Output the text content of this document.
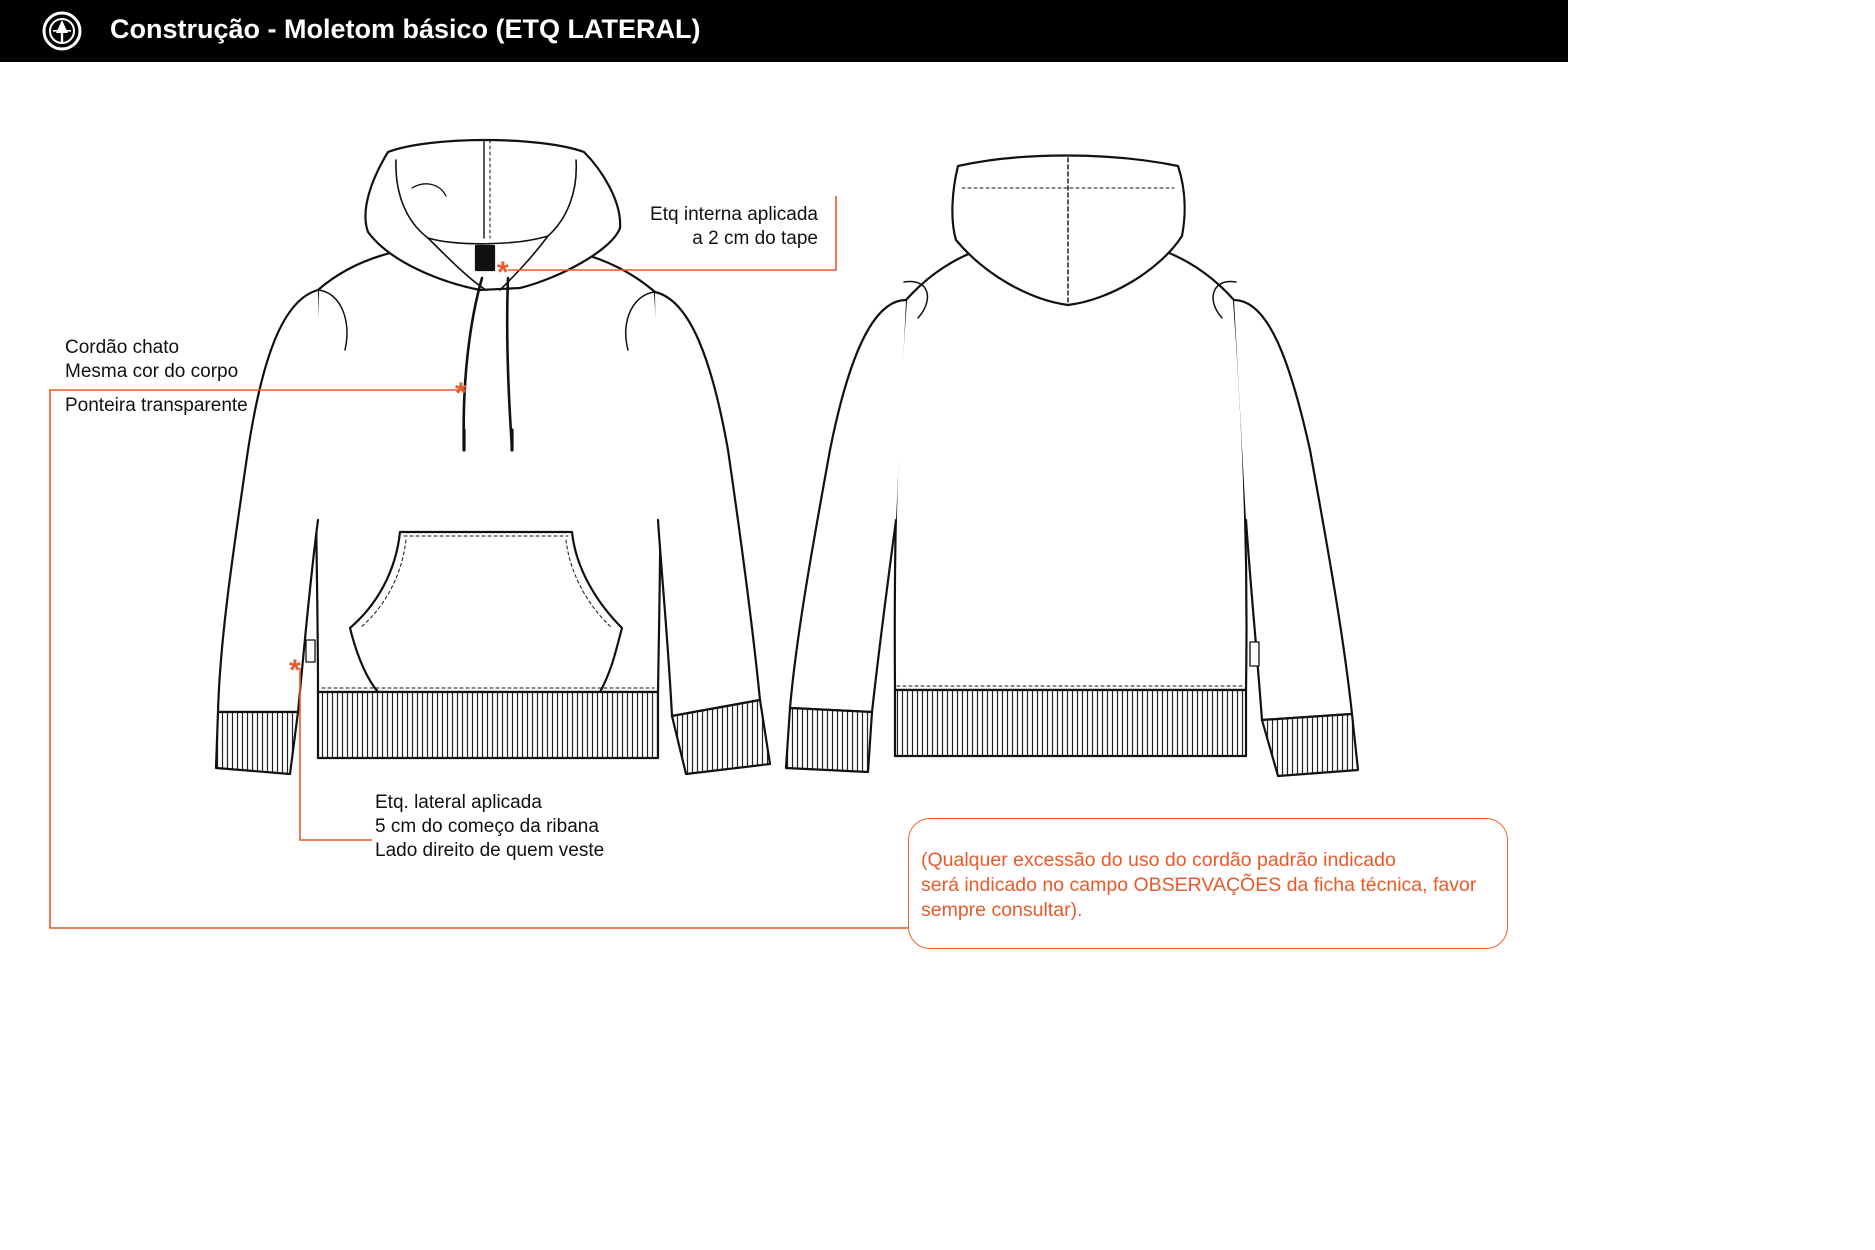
Construção - Moletom básico (ETQ LATERAL)
*
*
*
Etq interna aplicada
a 2 cm do tape
Cordão chato
Mesma cor do corpo
Ponteira transparente
Etq. lateral aplicada
5 cm do começo da ribana
Lado direito de quem veste	(Qualquer excessão do uso do cordão padrão indicado
será indicado no campo OBSERVAÇÕES da ficha técnica, favor
sempre consultar).
